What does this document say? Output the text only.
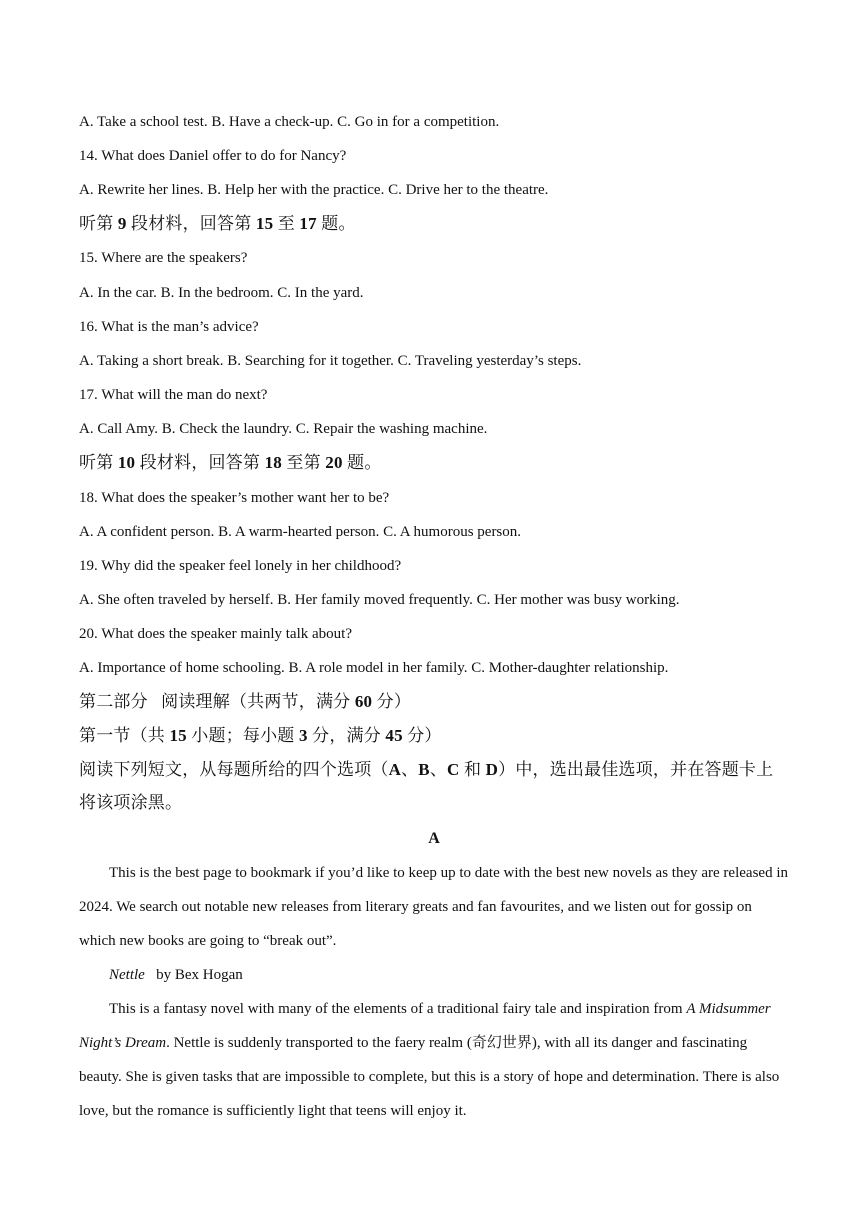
A. Take a school test. B. Have a check-up. C. Go in for a competition.
14. What does Daniel offer to do for Nancy?
A. Rewrite her lines. B. Help her with the practice. C. Drive her to the theatre.
听第 9 段材料，回答第 15 至 17 题。
15. Where are the speakers?
A. In the car. B. In the bedroom. C. In the yard.
16. What is the man’s advice?
A. Taking a short break. B. Searching for it together. C. Traveling yesterday’s steps.
17. What will the man do next?
A. Call Amy. B. Check the laundry. C. Repair the washing machine.
听第 10 段材料，回答第 18 至第 20 题。
18. What does the speaker’s mother want her to be?
A. A confident person. B. A warm-hearted person. C. A humorous person.
19. Why did the speaker feel lonely in her childhood?
A. She often traveled by herself. B. Her family moved frequently. C. Her mother was busy working.
20. What does the speaker mainly talk about?
A. Importance of home schooling. B. A role model in her family. C. Mother-daughter relationship.
第二部分   阅读理解（共两节，满分 60 分）
第一节（共 15 小题；每小题 3 分，满分 45 分）
阅读下列短文，从每题所给的四个选项（A、B、C 和 D）中，选出最佳选项，并在答题卡上
将该项涂黑。
A
This is the best page to bookmark if you’d like to keep up to date with the best new novels as they are released in
2024. We search out notable new releases from literary greats and fan favourites, and we listen out for gossip on
which new books are going to “break out”.
Nettle   by Bex Hogan
This is a fantasy novel with many of the elements of a traditional fairy tale and inspiration from A Midsummer
Night’s Dream. Nettle is suddenly transported to the faery realm (奇幻世界), with all its danger and fascinating
beauty. She is given tasks that are impossible to complete, but this is a story of hope and determination. There is also
love, but the romance is sufficiently light that teens will enjoy it.
